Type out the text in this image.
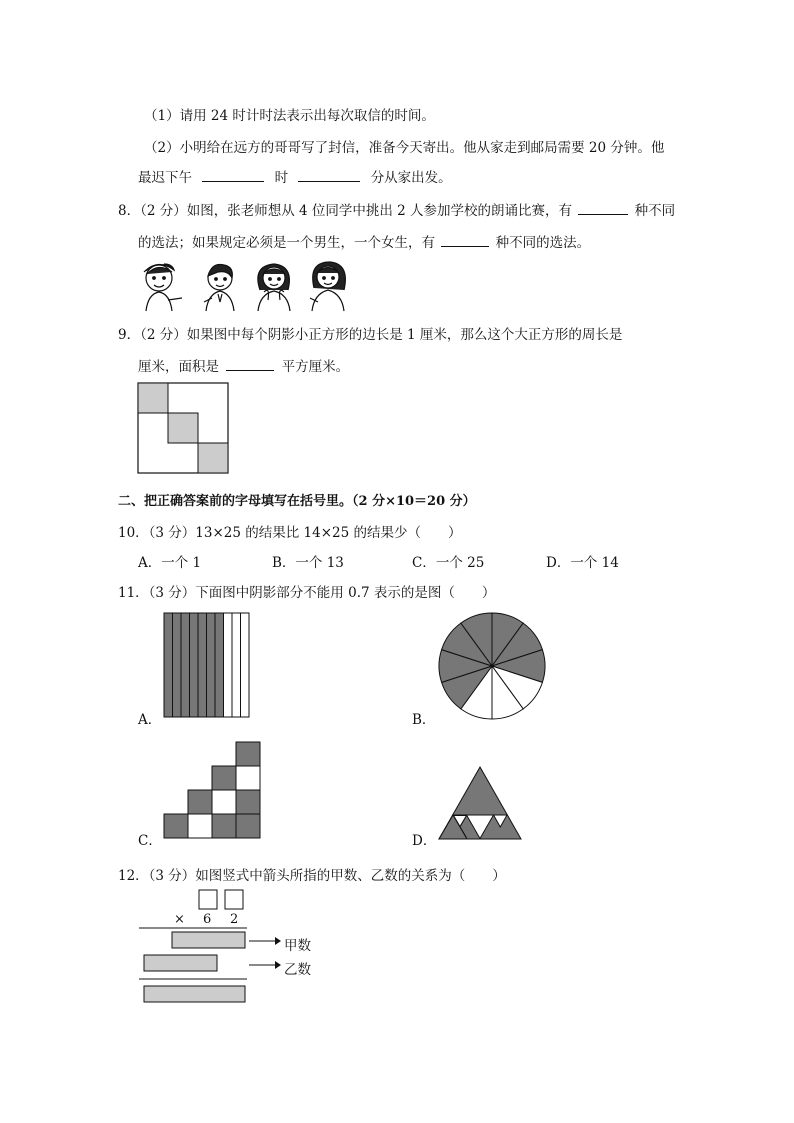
（1）请用 24 时计时法表示出每次取信的时间。
（2）小明给在远方的哥哥写了封信，准备今天寄出。他从家走到邮局需要 20 分钟。他
最迟下午	时	分从家出发。
8．（2 分）如图，张老师想从 4 位同学中挑出 2 人参加学校的朗诵比赛，有	种不同
的选法；如果规定必须是一个男生，一个女生，有	种不同的选法。
9．（2 分）如果图中每个阴影小正方形的边长是 1 厘米，那么这个大正方形的周长是
厘米，面积是	平方厘米。
二、把正确答案前的字母填写在括号里。（2 分×10＝20 分）
10．（3 分）13×25 的结果比 14×25 的结果少（　　）
A．一个 1	B．一个 13	C．一个 25	D．一个 14
11．（3 分）下面图中阴影部分不能用 0.7 表示的是图（　　）
A．	B．
C．	D．
12．（3 分）如图竖式中箭头所指的甲数、乙数的关系为（　　）
× 6 2
甲数
乙数
